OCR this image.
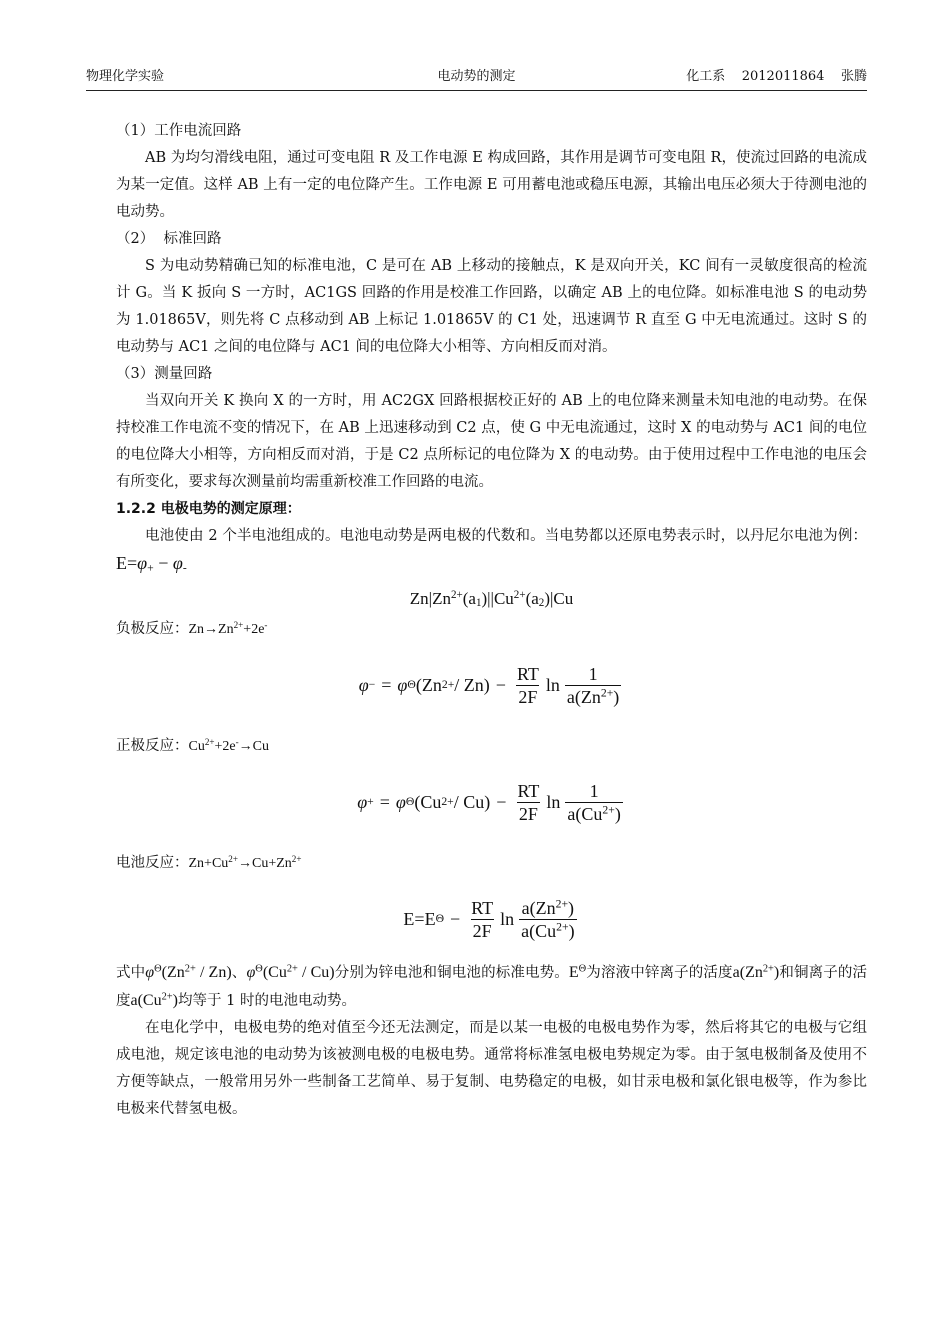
物理化学实验	电动势的测定	化工系    2012011864    张腾

（1）工作电流回路

AB 为均匀滑线电阻，通过可变电阻 R 及工作电源 E 构成回路，其作用是调节可变电阻 R，使流过回路的电流成为某一定值。这样 AB 上有一定的电位降产生。工作电源 E 可用蓄电池或稳压电源，其输出电压必须大于待测电池的电动势。

（2）  标准回路

S 为电动势精确已知的标准电池，C 是可在 AB 上移动的接触点，K 是双向开关，KC 间有一灵敏度很高的检流计 G。当 K 扳向 S 一方时，AC1GS 回路的作用是校准工作回路，以确定 AB 上的电位降。如标准电池 S 的电动势为 1.01865V，则先将 C 点移动到 AB 上标记 1.01865V 的 C1 处，迅速调节 R 直至 G 中无电流通过。这时 S 的电动势与 AC1 之间的电位降与 AC1 间的电位降大小相等、方向相反而对消。

（3）测量回路

当双向开关 K 换向 X 的一方时，用 AC2GX 回路根据校正好的 AB 上的电位降来测量未知电池的电动势。在保持校准工作电流不变的情况下，在 AB 上迅速移动到 C2 点，使 G 中无电流通过，这时 X 的电动势与 AC1 间的电位的电位降大小相等，方向相反而对消，于是 C2 点所标记的电位降为 X 的电动势。由于使用过程中工作电池的电压会有所变化，要求每次测量前均需重新校准工作回路的电流。

1.2.2 电极电势的测定原理：

电池使由 2 个半电池组成的。电池电动势是两电极的代数和。当电势都以还原电势表示时，以丹尼尔电池为例：$E=\varphi_+ - \varphi_-$

$Zn|Zn^{2+}(a_1)||Cu^{2+}(a_2)|Cu$

负极反应：$Zn\to Zn^{2+}+2e^-$

φ − = φ Θ (Zn $2+ / Zn) - \frac{RT}{2F}$ $\ln \frac{1}{a(Zn^{2+})}$

正极反应：$Cu^{2+}+2e^-\to Cu$

φ + = φ Θ (Cu $2+ / Cu) - \frac{RT}{2F}$ $\ln \frac{1}{a(Cu^{2+})}$

电池反应：$Zn+Cu^{2+}\to Cu+Zn^{2+}$

E=E $\Theta - \frac{RT}{2F}$ $\ln \frac{a(Zn^{2+})}{a(Cu^{2+})}$

式中$\varphi^\Theta(Zn^{2+} / Zn)$、$\varphi^\Theta(Cu^{2+} / Cu)$分别为锌电池和铜电池的标准电势。$E^\Theta$为溶液中锌离子的活度$a(Zn^{2+})$和铜离子的活度$a(Cu^{2+})$均等于 1 时的电池电动势。

在电化学中，电极电势的绝对值至今还无法测定，而是以某一电极的电极电势作为零，然后将其它的电极与它组成电池，规定该电池的电动势为该被测电极的电极电势。通常将标准氢电极电势规定为零。由于氢电极制备及使用不方便等缺点，一般常用另外一些制备工艺简单、易于复制、电势稳定的电极，如甘汞电极和氯化银电极等，作为参比电极来代替氢电极。
